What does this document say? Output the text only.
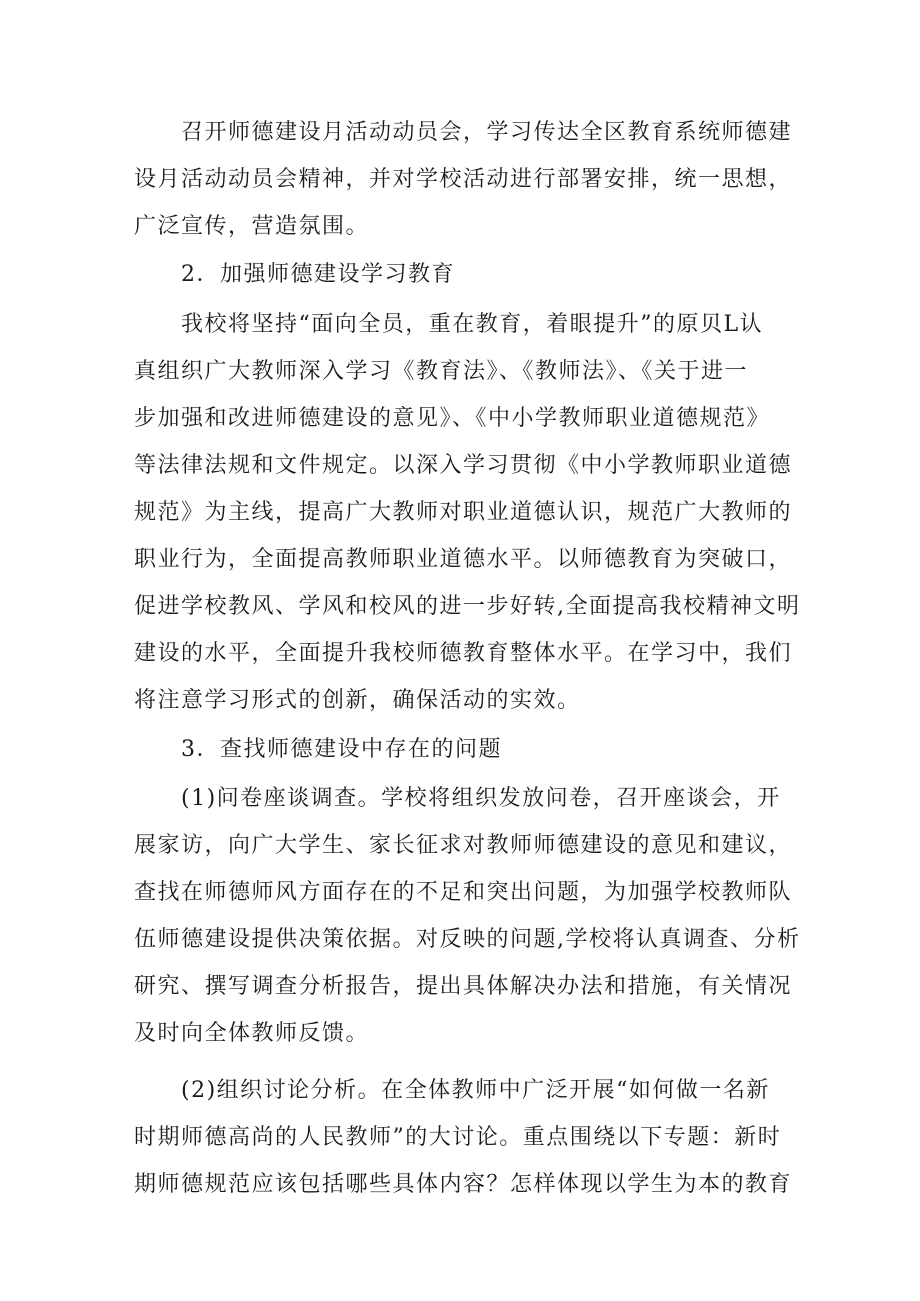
　　召开师德建设月活动动员会，学习传达全区教育系统师德建
设月活动动员会精神，并对学校活动进行部署安排，统一思想，
广泛宣传，营造氛围。
　　2．加强师德建设学习教育
　　我校将坚持“面向全员，重在教育，着眼提升”的原贝L认
真组织广大教师深入学习《教育法》、《教师法》、《关于进一
步加强和改进师德建设的意见》、《中小学教师职业道德规范》
等法律法规和文件规定。以深入学习贯彻《中小学教师职业道德
规范》为主线，提高广大教师对职业道德认识，规范广大教师的
职业行为，全面提高教师职业道德水平。以师德教育为突破口，
促进学校教风、学风和校风的进一步好转,全面提高我校精神文明
建设的水平，全面提升我校师德教育整体水平。在学习中，我们
将注意学习形式的创新，确保活动的实效。
　　3．查找师德建设中存在的问题
　　(1)问卷座谈调查。学校将组织发放问卷，召开座谈会，开
展家访，向广大学生、家长征求对教师师德建设的意见和建议，
查找在师德师风方面存在的不足和突出问题，为加强学校教师队
伍师德建设提供决策依据。对反映的问题,学校将认真调查、分析
研究、撰写调查分析报告，提出具体解决办法和措施，有关情况
及时向全体教师反馈。
　　(2)组织讨论分析。在全体教师中广泛开展“如何做一名新
时期师德高尚的人民教师”的大讨论。重点围绕以下专题：新时
期师德规范应该包括哪些具体内容？怎样体现以学生为本的教育
